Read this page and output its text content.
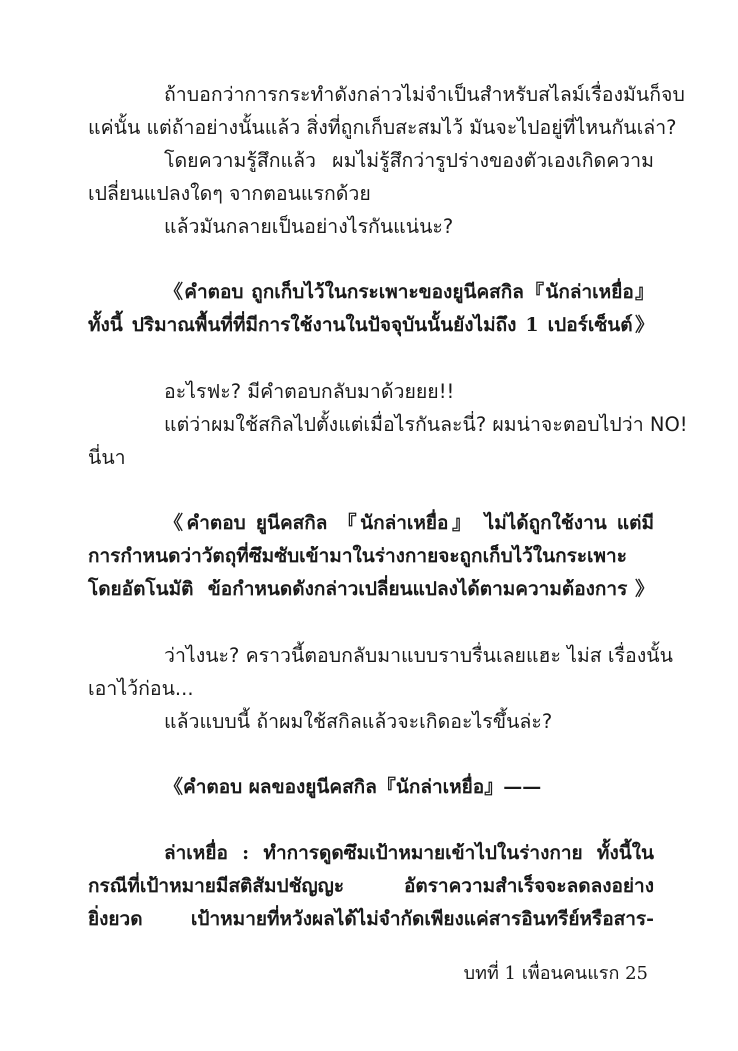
ถ้าบอกว่าการกระทำดังกล่าวไม่จำเป็นสำหรับสไลม์เรื่องมันก็จบ
แค่นั้น แต่ถ้าอย่างนั้นแล้ว สิ่งที่ถูกเก็บสะสมไว้ มันจะไปอยู่ที่ไหนกันเล่า?
โดยความรู้สึกแล้ว ผมไม่รู้สึกว่ารูปร่างของตัวเองเกิดความ
เปลี่ยนแปลงใดๆ จากตอนแรกด้วย
แล้วมันกลายเป็นอย่างไรกันแน่นะ?
《คำตอบ ถูกเก็บไว้ในกระเพาะของยูนีคสกิล『นักล่าเหยื่อ』
ทั้งนี้ ปริมาณพื้นที่ที่มีการใช้งานในปัจจุบันนั้นยังไม่ถึง 1 เปอร์เซ็นต์》
อะไรฟะ? มีคำตอบกลับมาด้วยยย!!
แต่ว่าผมใช้สกิลไปตั้งแต่เมื่อไรกันละนี่? ผมน่าจะตอบไปว่า NO!
นี่นา
《คำตอบ ยูนีคสกิล 『นักล่าเหยื่อ』 ไม่ได้ถูกใช้งาน แต่มี
การกำหนดว่าวัตถุที่ซึมซับเข้ามาในร่างกายจะถูกเก็บไว้ในกระเพาะ
โดยอัตโนมัติ ข้อกำหนดดังกล่าวเปลี่ยนแปลงได้ตามความต้องการ》
ว่าไงนะ? คราวนี้ตอบกลับมาแบบราบรื่นเลยแฮะ ไม่ส เรื่องนั้น
เอาไว้ก่อน...
แล้วแบบนี้ ถ้าผมใช้สกิลแล้วจะเกิดอะไรขึ้นล่ะ?
《คำตอบ ผลของยูนีคสกิล『นักล่าเหยื่อ』——
ล่าเหยื่อ : ทำการดูดซึมเป้าหมายเข้าไปในร่างกาย ทั้งนี้ใน
กรณีที่เป้าหมายมีสติสัมปชัญญะ อัตราความสำเร็จจะลดลงอย่าง
ยิ่งยวด เป้าหมายที่หวังผลได้ไม่จำกัดเพียงแค่สารอินทรีย์หรือสาร-
บทที่ 1 เพื่อนคนแรก 25
